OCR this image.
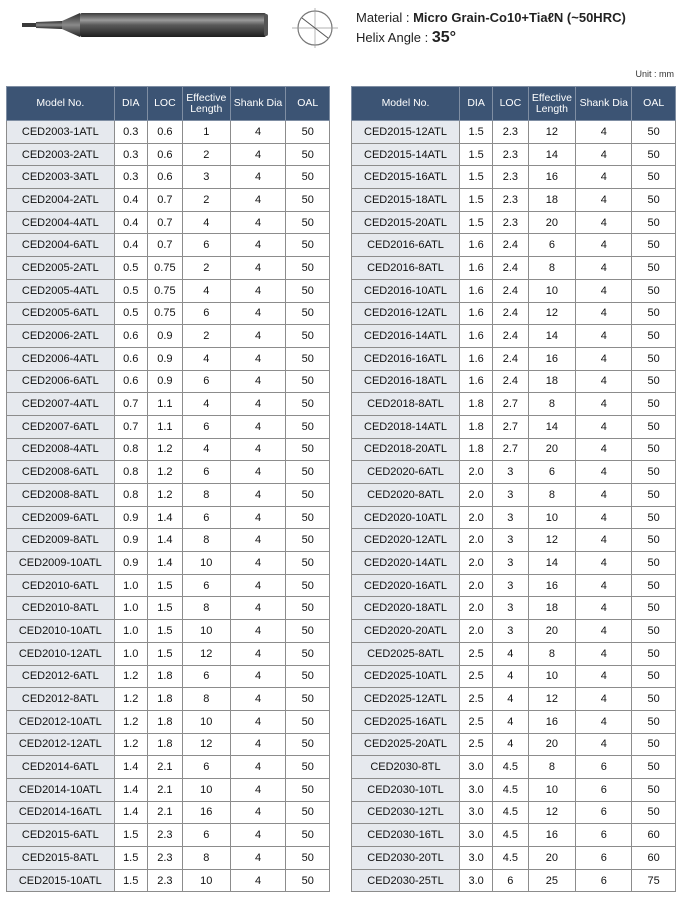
Material : Micro Grain-Co10+TiaℓN (~50HRC)
Helix Angle : 35°
Unit : mm
Model No.	DIA	LOC	Effective Length	Shank Dia	OAL
CED2003-1ATL	0.3	0.6	1	4	50
CED2003-2ATL	0.3	0.6	2	4	50
CED2003-3ATL	0.3	0.6	3	4	50
CED2004-2ATL	0.4	0.7	2	4	50
CED2004-4ATL	0.4	0.7	4	4	50
CED2004-6ATL	0.4	0.7	6	4	50
CED2005-2ATL	0.5	0.75	2	4	50
CED2005-4ATL	0.5	0.75	4	4	50
CED2005-6ATL	0.5	0.75	6	4	50
CED2006-2ATL	0.6	0.9	2	4	50
CED2006-4ATL	0.6	0.9	4	4	50
CED2006-6ATL	0.6	0.9	6	4	50
CED2007-4ATL	0.7	1.1	4	4	50
CED2007-6ATL	0.7	1.1	6	4	50
CED2008-4ATL	0.8	1.2	4	4	50
CED2008-6ATL	0.8	1.2	6	4	50
CED2008-8ATL	0.8	1.2	8	4	50
CED2009-6ATL	0.9	1.4	6	4	50
CED2009-8ATL	0.9	1.4	8	4	50
CED2009-10ATL	0.9	1.4	10	4	50
CED2010-6ATL	1.0	1.5	6	4	50
CED2010-8ATL	1.0	1.5	8	4	50
CED2010-10ATL	1.0	1.5	10	4	50
CED2010-12ATL	1.0	1.5	12	4	50
CED2012-6ATL	1.2	1.8	6	4	50
CED2012-8ATL	1.2	1.8	8	4	50
CED2012-10ATL	1.2	1.8	10	4	50
CED2012-12ATL	1.2	1.8	12	4	50
CED2014-6ATL	1.4	2.1	6	4	50
CED2014-10ATL	1.4	2.1	10	4	50
CED2014-16ATL	1.4	2.1	16	4	50
CED2015-6ATL	1.5	2.3	6	4	50
CED2015-8ATL	1.5	2.3	8	4	50
CED2015-10ATL	1.5	2.3	10	4	50
Model No.	DIA	LOC	Effective Length	Shank Dia	OAL
CED2015-12ATL	1.5	2.3	12	4	50
CED2015-14ATL	1.5	2.3	14	4	50
CED2015-16ATL	1.5	2.3	16	4	50
CED2015-18ATL	1.5	2.3	18	4	50
CED2015-20ATL	1.5	2.3	20	4	50
CED2016-6ATL	1.6	2.4	6	4	50
CED2016-8ATL	1.6	2.4	8	4	50
CED2016-10ATL	1.6	2.4	10	4	50
CED2016-12ATL	1.6	2.4	12	4	50
CED2016-14ATL	1.6	2.4	14	4	50
CED2016-16ATL	1.6	2.4	16	4	50
CED2016-18ATL	1.6	2.4	18	4	50
CED2018-8ATL	1.8	2.7	8	4	50
CED2018-14ATL	1.8	2.7	14	4	50
CED2018-20ATL	1.8	2.7	20	4	50
CED2020-6ATL	2.0	3	6	4	50
CED2020-8ATL	2.0	3	8	4	50
CED2020-10ATL	2.0	3	10	4	50
CED2020-12ATL	2.0	3	12	4	50
CED2020-14ATL	2.0	3	14	4	50
CED2020-16ATL	2.0	3	16	4	50
CED2020-18ATL	2.0	3	18	4	50
CED2020-20ATL	2.0	3	20	4	50
CED2025-8ATL	2.5	4	8	4	50
CED2025-10ATL	2.5	4	10	4	50
CED2025-12ATL	2.5	4	12	4	50
CED2025-16ATL	2.5	4	16	4	50
CED2025-20ATL	2.5	4	20	4	50
CED2030-8TL	3.0	4.5	8	6	50
CED2030-10TL	3.0	4.5	10	6	50
CED2030-12TL	3.0	4.5	12	6	50
CED2030-16TL	3.0	4.5	16	6	60
CED2030-20TL	3.0	4.5	20	6	60
CED2030-25TL	3.0	6	25	6	75
